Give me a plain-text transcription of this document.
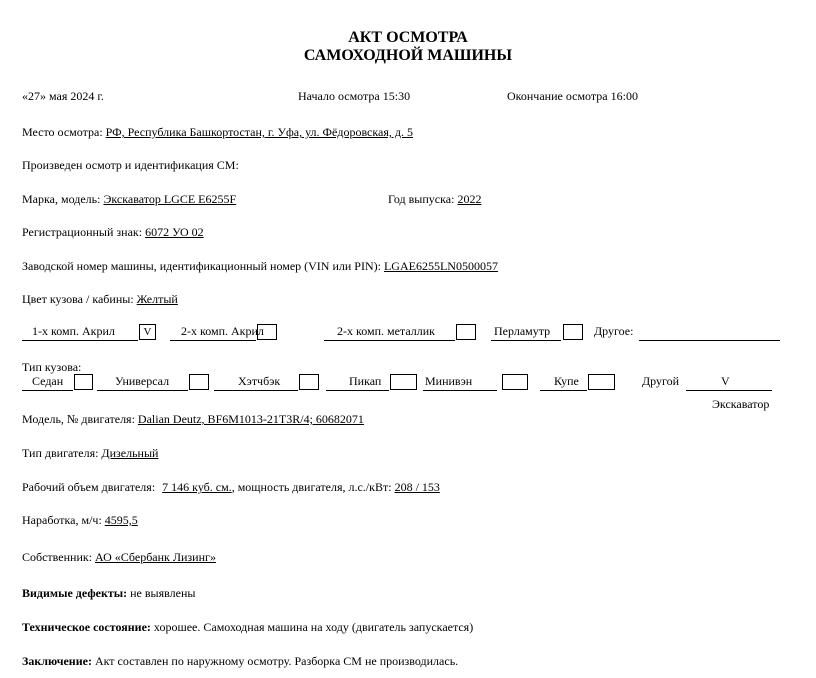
АКТ ОСМОТРА
САМОХОДНОЙ МАШИНЫ
«27» мая 2024 г.	Начало осмотра 15:30	Окончание осмотра 16:00
Место осмотра: РФ, Республика Башкортостан, г. Уфа, ул. Фёдоровская, д. 5
Произведен осмотр и идентификация СМ:
Марка, модель: Экскаватор LGCE E6255F	Год выпуска: 2022
Регистрационный знак: 6072 УО 02
Заводской номер машины, идентификационный номер (VIN или PIN): LGAE6255LN0500057
Цвет кузова / кабины: Желтый
1-х комп. Акрил	V	2-х комп. Акрил	2-х комп. металлик	Перламутр	Другое:
Тип кузова:
Седан	Универсал	Хэтчбэк	Пикап	Минивэн	Купе	Другой	V
Экскаватор
Модель, № двигателя: Dalian Deutz, BF6M1013-21T3R/4; 60682071
Тип двигателя: Дизельный
Рабочий объем двигателя: 7 146 куб. см., мощность двигателя, л.с./кВт: 208 / 153
Наработка, м/ч: 4595,5
Собственник: АО «Сбербанк Лизинг»
Видимые дефекты: не выявлены
Техническое состояние: хорошее. Самоходная машина на ходу (двигатель запускается)
Заключение: Акт составлен по наружному осмотру. Разборка СМ не производилась.
